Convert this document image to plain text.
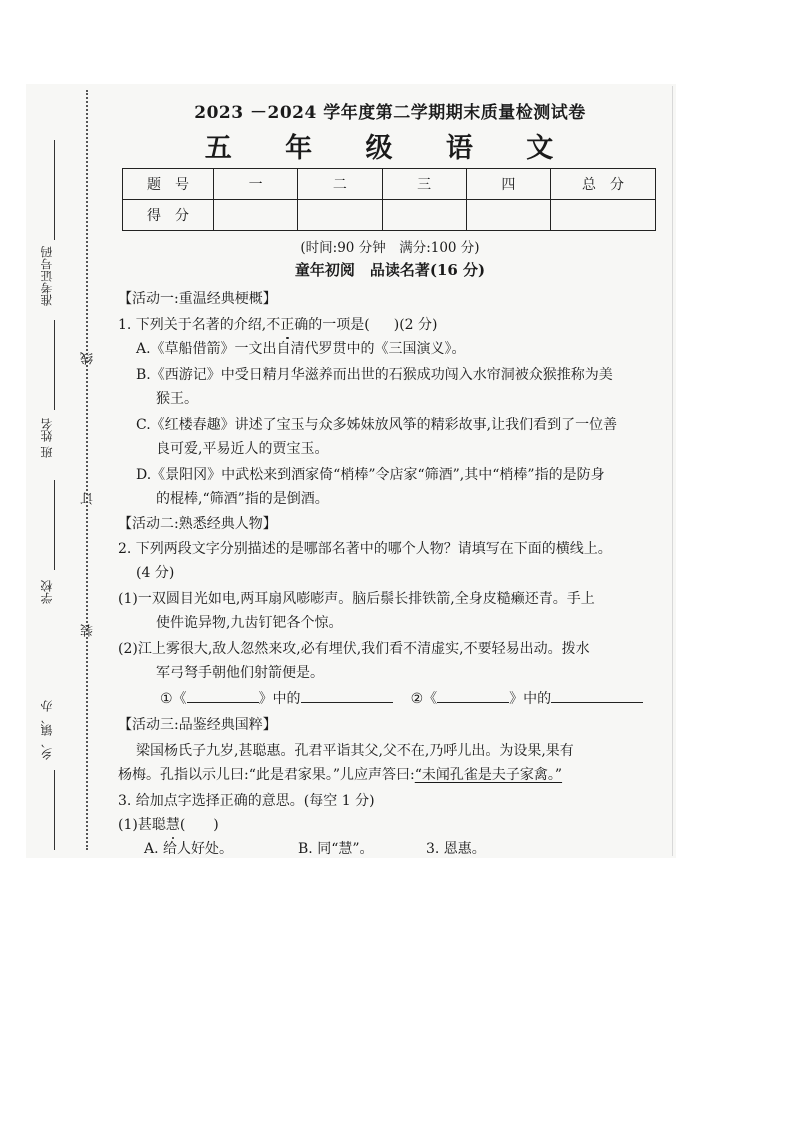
准考证号码
班 姓名
学校
乡、镇、办
线
订
装
2023 －2024 学年度第二学期期末质量检测试卷
五 年 级 语 文
题　号	一	二	三	四	总　分
得　分					
(时间:90 分钟　满分:100 分)
童年初阅　品读名著(16 分)
【活动一:重温经典梗概】
1. 下列关于名著的介绍,不正确的一项是( )(2 分)
A.《草船借箭》一文出自清代罗贯中的《三国演义》。
B.《西游记》中受日精月华滋养而出世的石猴成功闯入水帘洞被众猴推称为美
猴王。
C.《红楼春趣》讲述了宝玉与众多姊妹放风筝的精彩故事,让我们看到了一位善
良可爱,平易近人的贾宝玉。
D.《景阳冈》中武松来到酒家倚“梢棒”令店家“筛酒”,其中“梢棒”指的是防身
的棍棒,“筛酒”指的是倒酒。
【活动二:熟悉经典人物】
2. 下列两段文字分别描述的是哪部名著中的哪个人物？请填写在下面的横线上。
(4 分)
(1)一双圆目光如电,两耳扇风嘭嘭声。脑后鬃长排铁箭,全身皮糙癞还青。手上
使件诡异物,九齿钉钯各个惊。
(2)江上雾很大,敌人忽然来攻,必有埋伏,我们看不清虚实,不要轻易出动。拨水
军弓弩手朝他们射箭便是。
①《	》中的	②《	》中的
【活动三:品鉴经典国粹】
梁国杨氏子九岁,甚聪惠。孔君平诣其父,父不在,乃呼儿出。为设果,果有
杨梅。孔指以示儿曰:“此是君家果。”儿应声答曰:“未闻孔雀是夫子家禽。”
3. 给加点字选择正确的意思。(每空 1 分)
(1)甚聪慧(　　)
A. 给人好处。	B. 同“慧”。	3. 恩惠。
